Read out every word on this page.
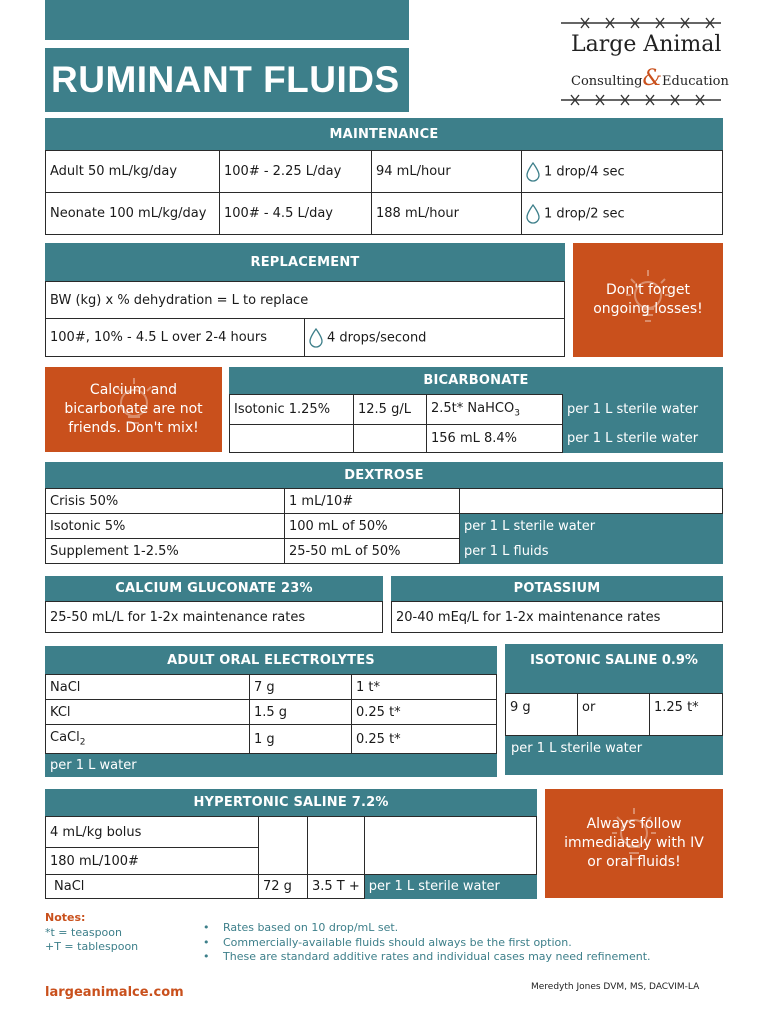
RUMINANT FLUIDS
Large Animal
Consulting&Education
MAINTENANCE
Adult 50 mL/kg/day	100# - 2.25 L/day	94 mL/hour	1 drop/4 sec
Neonate 100 mL/kg/day	100# - 4.5 L/day	188 mL/hour	1 drop/2 sec
REPLACEMENT
BW (kg) x % dehydration = L to replace
100#, 10% - 4.5 L over 2-4 hours	4 drops/second
Don't forget ongoing losses!
Calcium and bicarbonate are not friends. Don't mix!
BICARBONATE
Isotonic 1.25%	12.5 g/L	2.5t* NaHCO$_3$	per 1 L sterile water
		156 mL 8.4%	per 1 L sterile water
DEXTROSE
Crisis 50%	1 mL/10#	
Isotonic 5%	100 mL of 50%	per 1 L sterile water
Supplement 1-2.5%	25-50 mL of 50%	per 1 L fluids
CALCIUM GLUCONATE 23%
25-50 mL/L for 1-2x maintenance rates
POTASSIUM
20-40 mEq/L for 1-2x maintenance rates
ADULT ORAL ELECTROLYTES
NaCl	7 g	1 t*
KCl	1.5 g	0.25 t*
CaCl$_2$	1 g	0.25 t*
per 1 L water		
ISOTONIC SALINE 0.9%
9 g	or	1.25 t*
per 1 L sterile water
HYPERTONIC SALINE 7.2%
4 mL/kg bolus			
180 mL/100#			
NaCl	72 g	3.5 T +	per 1 L sterile water
Always follow immediately with IV or oral fluids!
Notes:
*t = teaspoon
+T = tablespoon
• Rates based on 10 drop/mL set.
• Commercially-available fluids should always be the first option.
• These are standard additive rates and individual cases may need refinement.
largeanimalce.com	Meredyth Jones DVM, MS, DACVIM-LA
